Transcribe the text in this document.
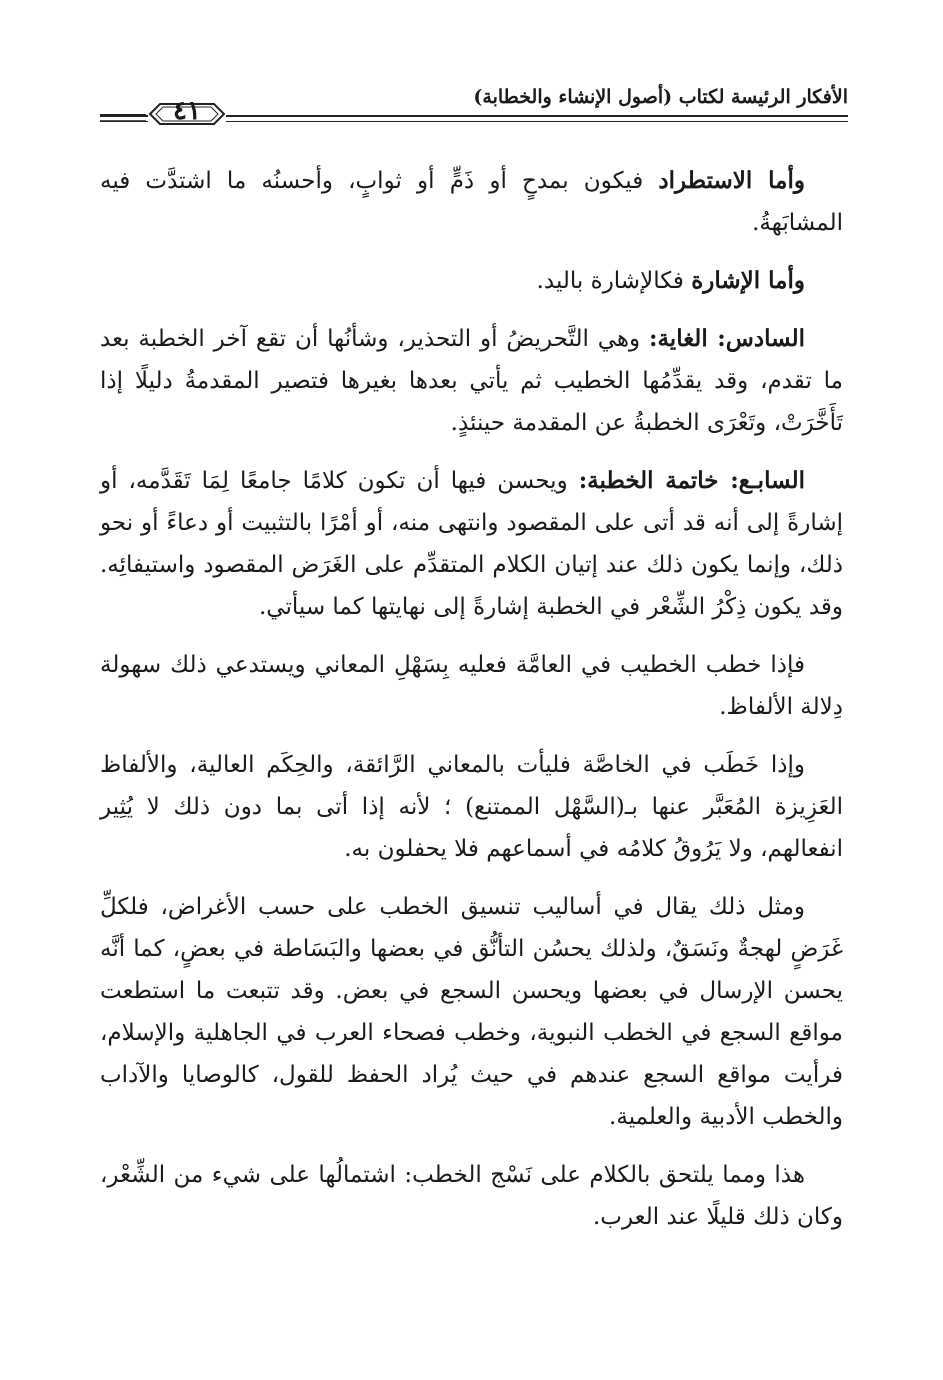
الأفكار الرئيسة لكتاب (أصول الإنشاء والخطابة)
٤١

وأما الاستطراد فيكون بمدحٍ أو ذَمٍّ أو ثوابٍ، وأحسنُه ما اشتدَّت فيه المشابَهةُ.

وأما الإشارة فكالإشارة باليد.

السادس: الغاية: وهي التَّحريضُ أو التحذير، وشأنُها أن تقع آخر الخطبة بعد ما تقدم، وقد يقدِّمُها الخطيب ثم يأتي بعدها بغيرها فتصير المقدمةُ دليلًا إذا تَأَخَّرَتْ، وتَعْرَى الخطبةُ عن المقدمة حينئذٍ.

السابـع: خاتمة الخطبة: ويحسن فيها أن تكون كلامًا جامعًا لِمَا تَقَدَّمه، أو إشارةً إلى أنه قد أتى على المقصود وانتهى منه، أو أمْرًا بالتثبيت أو دعاءً أو نحو ذلك، وإنما يكون ذلك عند إتيان الكلام المتقدِّم على الغَرَض المقصود واستيفائِه. وقد يكون ذِكْرُ الشِّعْر في الخطبة إشارةً إلى نهايتها كما سيأتي.

فإذا خطب الخطيب في العامَّة فعليه بِسَهْلِ المعاني ويستدعي ذلك سهولة دِلالة الألفاظ.

وإذا خَطَب في الخاصَّة فليأت بالمعاني الرَّائقة، والحِكَم العالية، والألفاظ العَزِيزة المُعَبَّر عنها بـ(السَّهْل الممتنع) ؛ لأنه إذا أتى بما دون ذلك لا يُثِير انفعالهم، ولا يَرُوقُ كلامُه في أسماعهم فلا يحفلون به.

ومثل ذلك يقال في أساليب تنسيق الخطب على حسب الأغراض، فلكلِّ غَرَضٍ لهجةٌ ونَسَقٌ، ولذلك يحسُن التأنُّق في بعضها والبَسَاطة في بعضٍ، كما أنَّه يحسن الإرسال في بعضها ويحسن السجع في بعض. وقد تتبعت ما استطعت مواقع السجع في الخطب النبوية، وخطب فصحاء العرب في الجاهلية والإسلام، فرأيت مواقع السجع عندهم في حيث يُراد الحفظ للقول، كالوصايا والآداب والخطب الأدبية والعلمية.

هذا ومما يلتحق بالكلام على نَسْج الخطب: اشتمالُها على شيء من الشِّعْر، وكان ذلك قليلًا عند العرب.
